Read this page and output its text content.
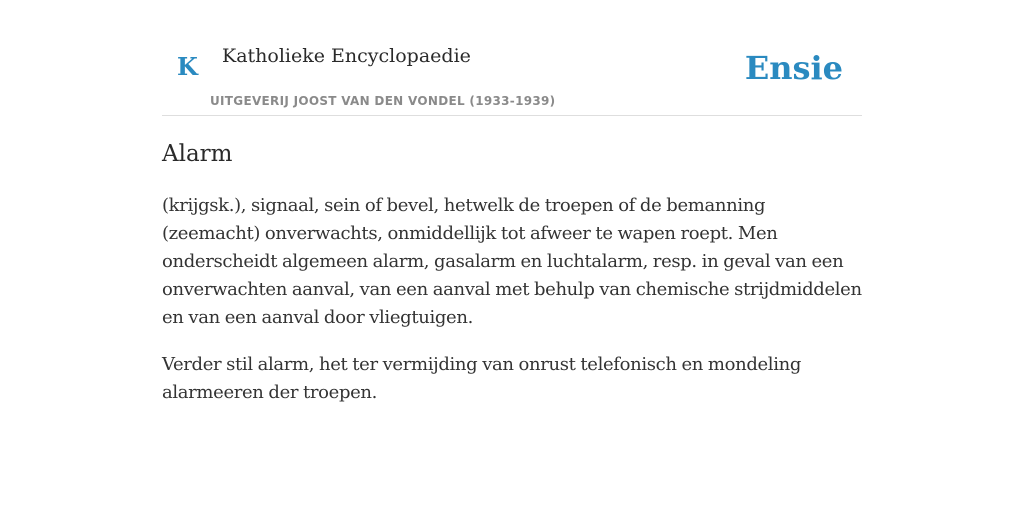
K Katholieke Encyclopaedie
UITGEVERIJ JOOST VAN DEN VONDEL (1933-1939)
Ensie
Alarm

(krijgsk.), signaal, sein of bevel, hetwelk de troepen of de bemanning (zeemacht) onverwachts, onmiddellijk tot afweer te wapen roept. Men onderscheidt algemeen alarm, gasalarm en luchtalarm, resp. in geval van een onverwachten aanval, van een aanval met behulp van chemische strijdmiddelen en van een aanval door vliegtuigen.

Verder stil alarm, het ter vermijding van onrust telefonisch en mondeling alarmeeren der troepen.
